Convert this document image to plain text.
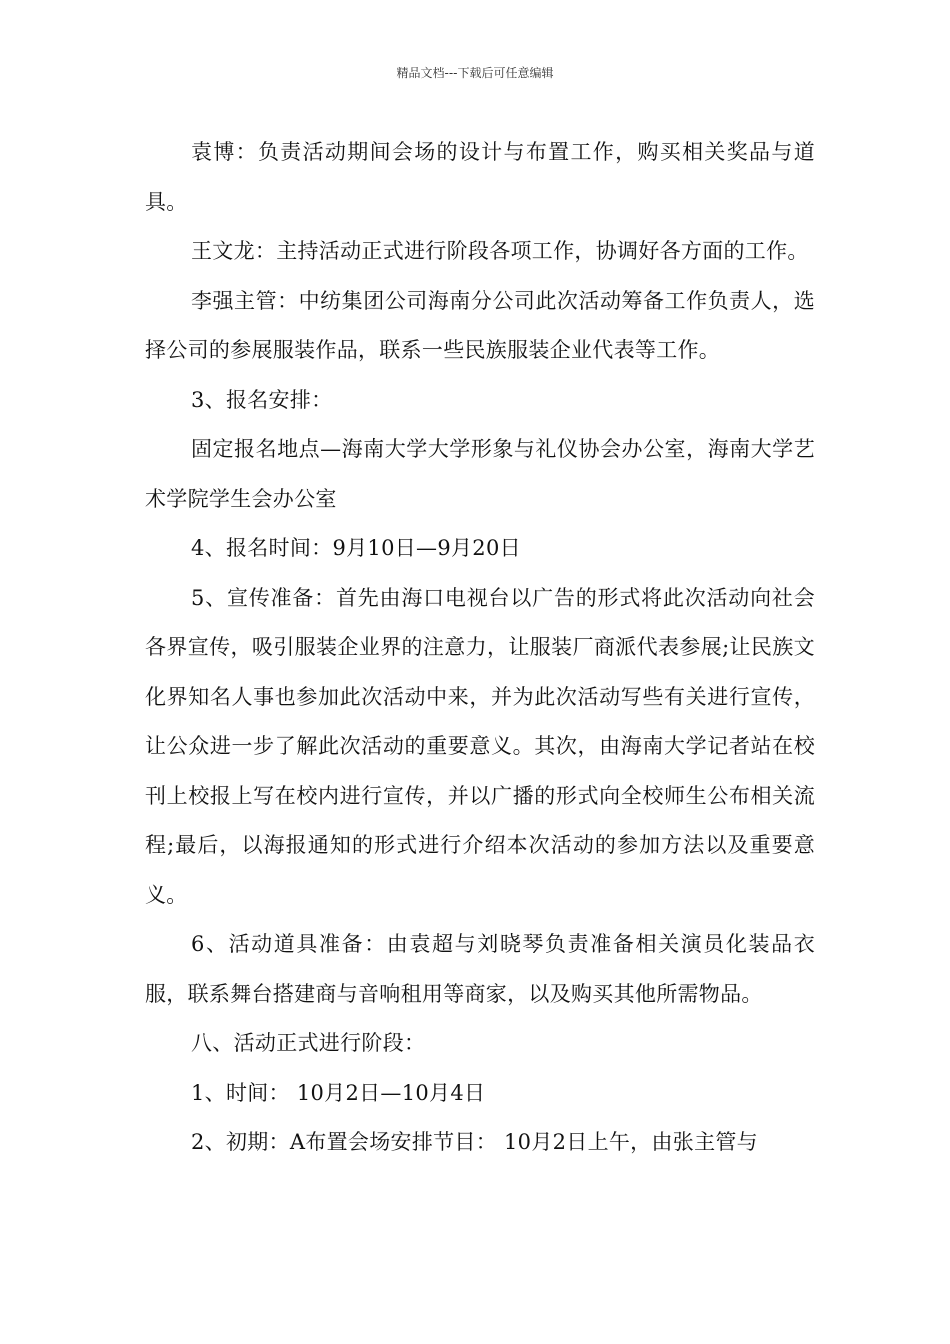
精品文档---下载后可任意编辑

袁博：负责活动期间会场的设计与布置工作，购买相关奖品与道具。

王文龙：主持活动正式进行阶段各项工作，协调好各方面的工作。

李强主管：中纺集团公司海南分公司此次活动筹备工作负责人，选择公司的参展服装作品，联系一些民族服装企业代表等工作。

3、报名安排：

固定报名地点—海南大学大学形象与礼仪协会办公室，海南大学艺术学院学生会办公室

4、报名时间：9月10日—9月20日

5、宣传准备：首先由海口电视台以广告的形式将此次活动向社会各界宣传，吸引服装企业界的注意力，让服装厂商派代表参展;让民族文化界知名人事也参加此次活动中来，并为此次活动写些有关进行宣传，让公众进一步了解此次活动的重要意义。其次，由海南大学记者站在校刊上校报上写在校内进行宣传，并以广播的形式向全校师生公布相关流程;最后，以海报通知的形式进行介绍本次活动的参加方法以及重要意义。

6、活动道具准备：由袁超与刘晓琴负责准备相关演员化装品衣服，联系舞台搭建商与音响租用等商家，以及购买其他所需物品。

八、活动正式进行阶段：

1、时间： 10月2日—10月4日

2、初期：A布置会场安排节目： 10月2日上午，由张主管与
